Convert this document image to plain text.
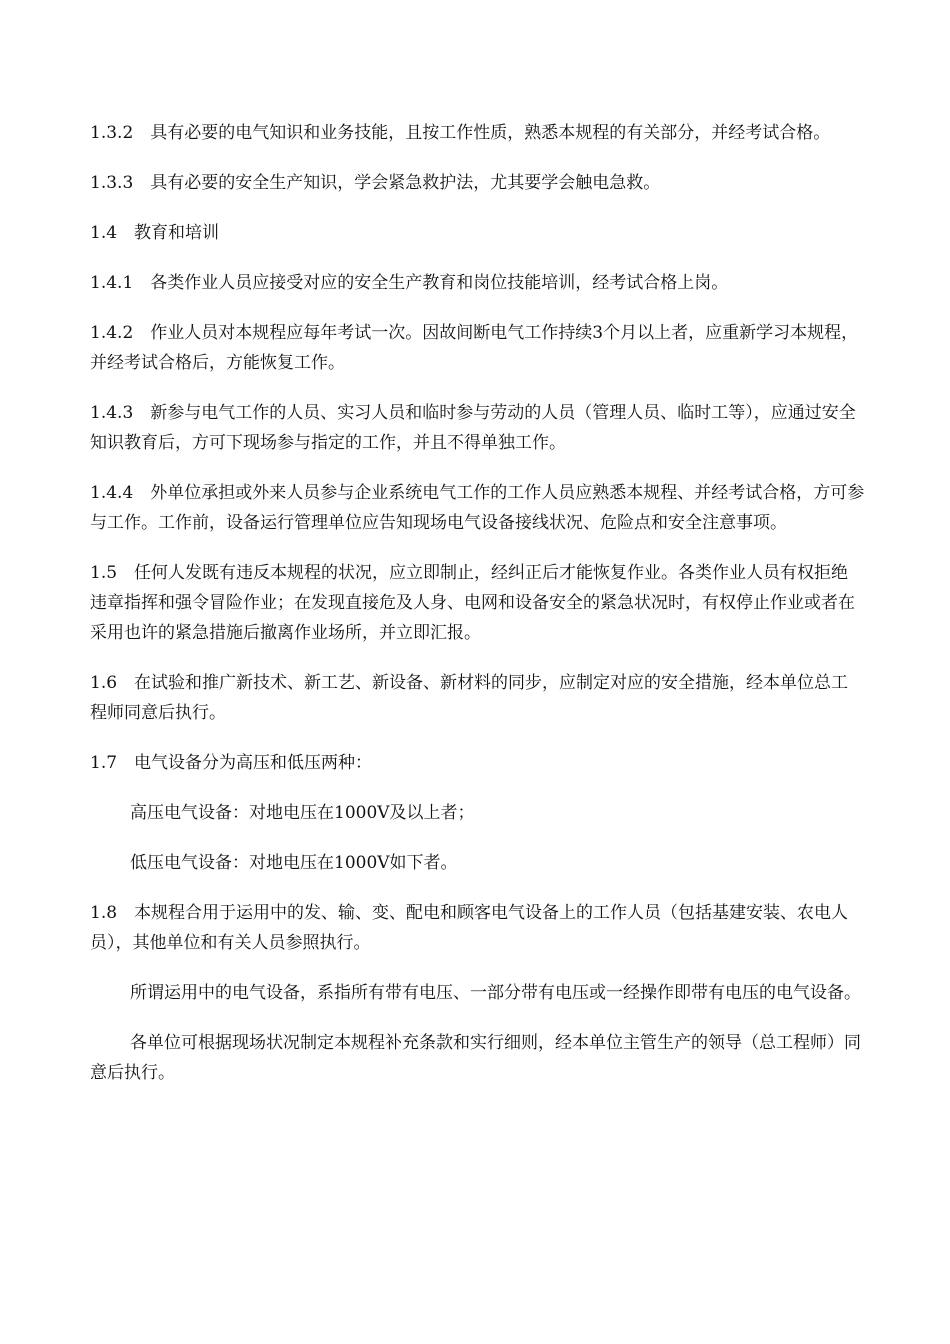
1.3.2　具有必要的电气知识和业务技能，且按工作性质，熟悉本规程的有关部分，并经考试合格。

1.3.3　具有必要的安全生产知识，学会紧急救护法，尤其要学会触电急救。

1.4　教育和培训

1.4.1　各类作业人员应接受对应的安全生产教育和岗位技能培训，经考试合格上岗。

1.4.2　作业人员对本规程应每年考试一次。因故间断电气工作持续3个月以上者，应重新学习本规程，并经考试合格后，方能恢复工作。

1.4.3　新参与电气工作的人员、实习人员和临时参与劳动的人员（管理人员、临时工等），应通过安全知识教育后，方可下现场参与指定的工作，并且不得单独工作。

1.4.4　外单位承担或外来人员参与企业系统电气工作的工作人员应熟悉本规程、并经考试合格，方可参与工作。工作前，设备运行管理单位应告知现场电气设备接线状况、危险点和安全注意事项。

1.5　任何人发既有违反本规程的状况，应立即制止，经纠正后才能恢复作业。各类作业人员有权拒绝违章指挥和强令冒险作业；在发现直接危及人身、电网和设备安全的紧急状况时，有权停止作业或者在采用也许的紧急措施后撤离作业场所，并立即汇报。

1.6　在试验和推广新技术、新工艺、新设备、新材料的同步，应制定对应的安全措施，经本单位总工程师同意后执行。

1.7　电气设备分为高压和低压两种：

高压电气设备：对地电压在1000V及以上者；

低压电气设备：对地电压在1000V如下者。

1.8　本规程合用于运用中的发、输、变、配电和顾客电气设备上的工作人员（包括基建安装、农电人员），其他单位和有关人员参照执行。

所谓运用中的电气设备，系指所有带有电压、一部分带有电压或一经操作即带有电压的电气设备。

各单位可根据现场状况制定本规程补充条款和实行细则，经本单位主管生产的领导（总工程师）同意后执行。
